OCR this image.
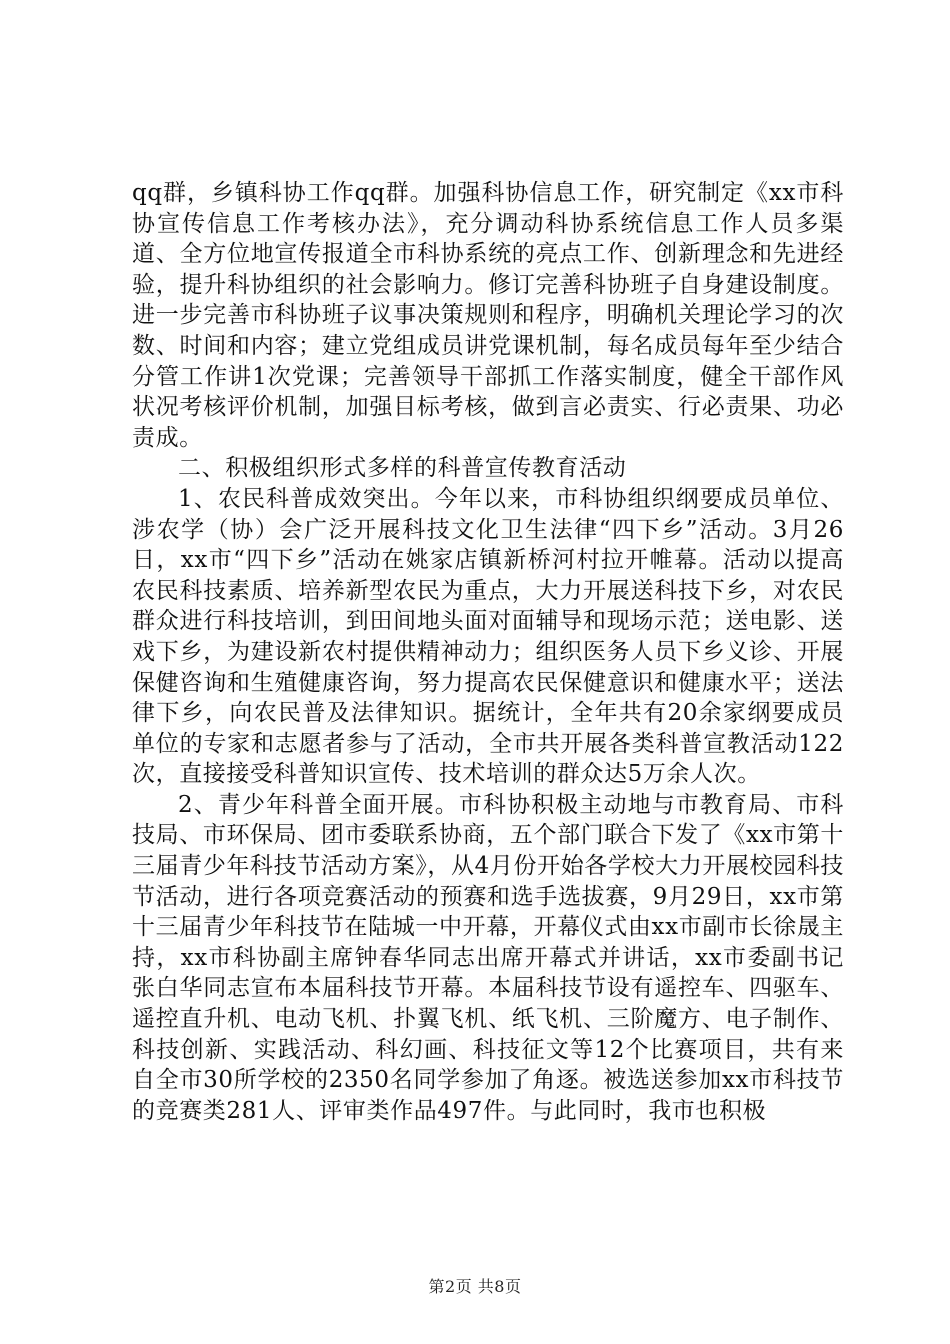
qq群，乡镇科协工作qq群。加强科协信息工作，研究制定《xx市科协宣传信息工作考核办法》，充分调动科协系统信息工作人员多渠道、全方位地宣传报道全市科协系统的亮点工作、创新理念和先进经验，提升科协组织的社会影响力。修订完善科协班子自身建设制度。进一步完善市科协班子议事决策规则和程序，明确机关理论学习的次数、时间和内容；建立党组成员讲党课机制，每名成员每年至少结合分管工作讲1次党课；完善领导干部抓工作落实制度，健全干部作风状况考核评价机制，加强目标考核，做到言必责实、行必责果、功必责成。

二、积极组织形式多样的科普宣传教育活动

1、农民科普成效突出。今年以来，市科协组织纲要成员单位、涉农学（协）会广泛开展科技文化卫生法律“四下乡”活动。3月26日，xx市“四下乡”活动在姚家店镇新桥河村拉开帷幕。活动以提高农民科技素质、培养新型农民为重点，大力开展送科技下乡，对农民群众进行科技培训，到田间地头面对面辅导和现场示范；送电影、送戏下乡，为建设新农村提供精神动力；组织医务人员下乡义诊、开展保健咨询和生殖健康咨询，努力提高农民保健意识和健康水平；送法律下乡，向农民普及法律知识。据统计，全年共有20余家纲要成员单位的专家和志愿者参与了活动，全市共开展各类科普宣教活动122次，直接接受科普知识宣传、技术培训的群众达5万余人次。

2、青少年科普全面开展。市科协积极主动地与市教育局、市科技局、市环保局、团市委联系协商，五个部门联合下发了《xx市第十三届青少年科技节活动方案》，从4月份开始各学校大力开展校园科技节活动，进行各项竞赛活动的预赛和选手选拔赛，9月29日，xx市第十三届青少年科技节在陆城一中开幕，开幕仪式由xx市副市长徐晟主持，xx市科协副主席钟春华同志出席开幕式并讲话，xx市委副书记张白华同志宣布本届科技节开幕。本届科技节设有遥控车、四驱车、遥控直升机、电动飞机、扑翼飞机、纸飞机、三阶魔方、电子制作、科技创新、实践活动、科幻画、科技征文等12个比赛项目，共有来自全市30所学校的2350名同学参加了角逐。被选送参加xx市科技节的竞赛类281人、评审类作品497件。与此同时，我市也积极

第2页 共8页
